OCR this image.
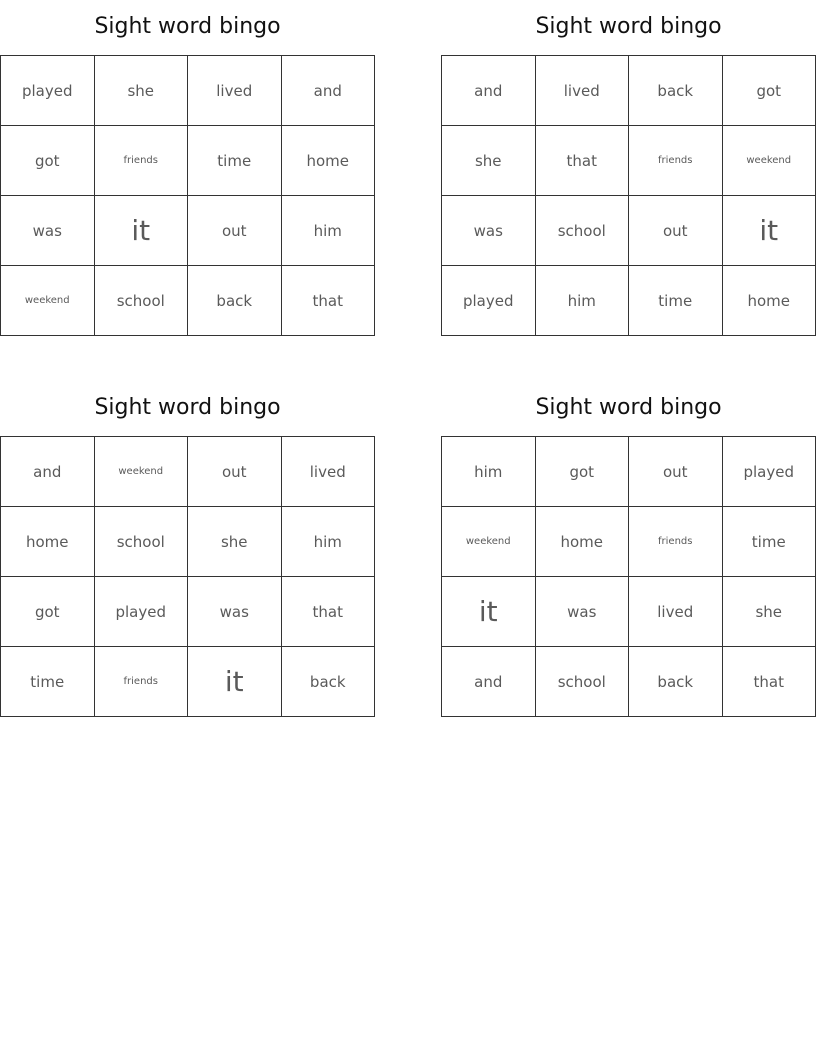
Sight word bingo
played	she	lived	and
got	friends	time	home
was	it	out	him
weekend	school	back	that
Sight word bingo
and	lived	back	got
she	that	friends	weekend
was	school	out	it
played	him	time	home
Sight word bingo
and	weekend	out	lived
home	school	she	him
got	played	was	that
time	friends	it	back
Sight word bingo
him	got	out	played
weekend	home	friends	time
it	was	lived	she
and	school	back	that
